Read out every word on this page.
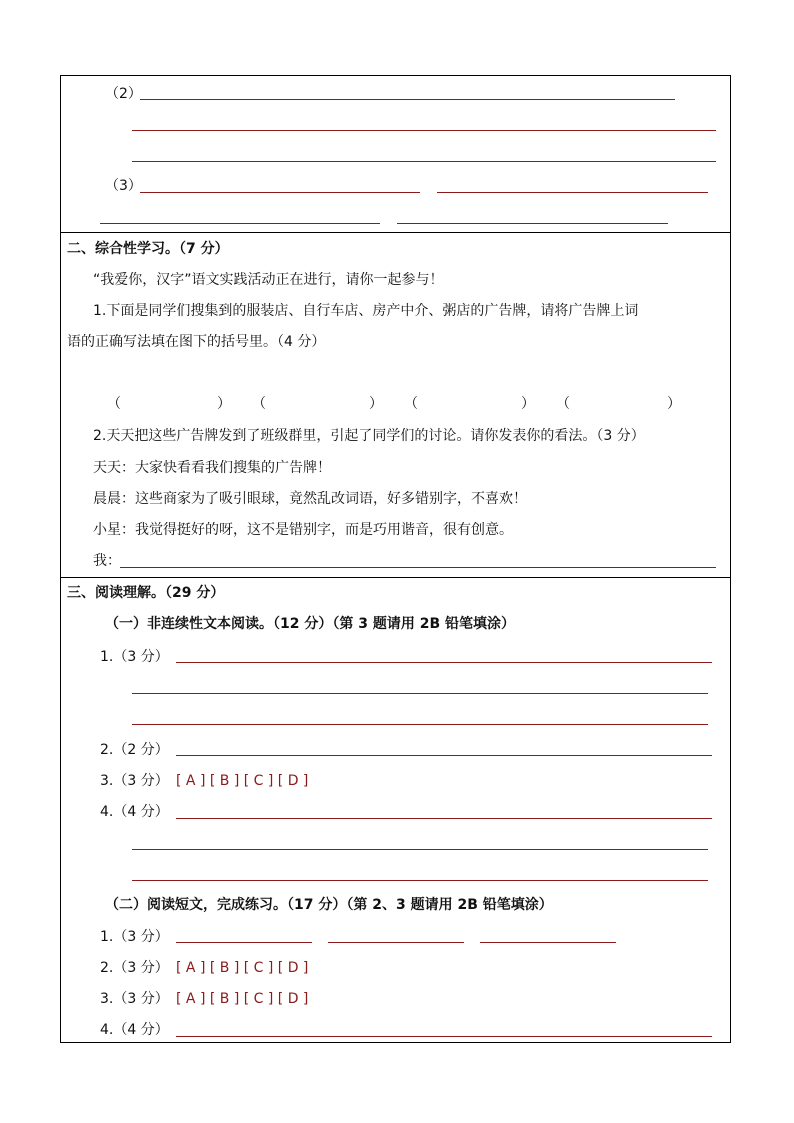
（2）
（3）
二、综合性学习。（7 分）
“我爱你，汉字”语文实践活动正在进行，请你一起参与！
1.下面是同学们搜集到的服装店、自行车店、房产中介、粥店的广告牌，请将广告牌上词
语的正确写法填在图下的括号里。（4 分）
（	） （	） （	） （	）
2.天天把这些广告牌发到了班级群里，引起了同学们的讨论。请你发表你的看法。（3 分）
天天：大家快看看我们搜集的广告牌！
晨晨：这些商家为了吸引眼球，竟然乱改词语，好多错别字，不喜欢！
小星：我觉得挺好的呀，这不是错别字，而是巧用谐音，很有创意。
我：
三、阅读理解。（29 分）
（一）非连续性文本阅读。（12 分）（第 3 题请用 2B 铅笔填涂）
1.（3 分）
2.（2 分）
3.（3 分） [ A ] [ B ] [ C ] [ D ]
4.（4 分）
（二）阅读短文，完成练习。（17 分）（第 2、3 题请用 2B 铅笔填涂）
1.（3 分）
2.（3 分） [ A ] [ B ] [ C ] [ D ]
3.（3 分） [ A ] [ B ] [ C ] [ D ]
4.（4 分）
